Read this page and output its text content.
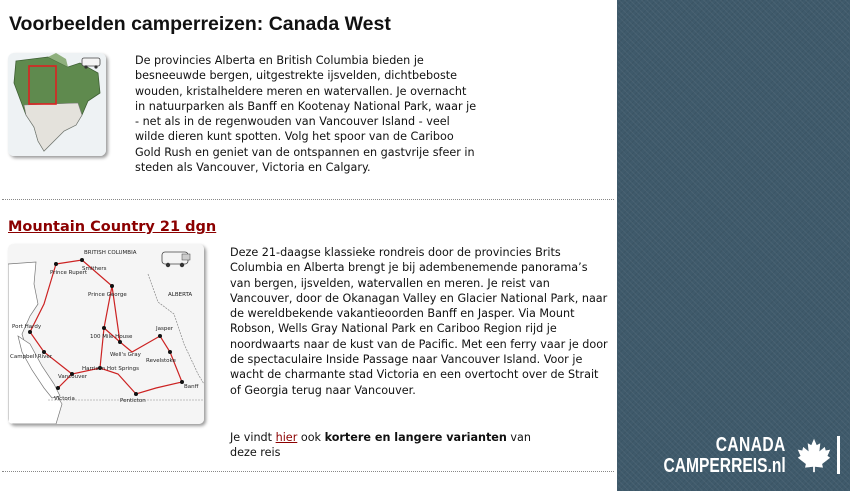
Voorbeelden camperreizen: Canada West

De provincies Alberta en British Columbia bieden je besneeuwde bergen, uitgestrekte ijsvelden, dichtbeboste wouden, kristalheldere meren en watervallen. Je overnacht in natuurparken als Banff en Kootenay National Park, waar je - net als in de regenwouden van Vancouver Island - veel wilde dieren kunt spotten. Volg het spoor van de Cariboo Gold Rush en geniet van de ontspannen en gastvrije sfeer in steden als Vancouver, Victoria en Calgary.

Mountain Country 21 dgn
BRITISH COLUMBIA
ALBERTA
Prince Rupert
Smithers
Prince George
Jasper
Port Hardy
100 Mile House
Well's Gray
Campbell River
Harrison Hot Springs
Revelstoke
Vancouver
Banff
Victoria	Penticton

Deze 21-daagse klassieke rondreis door de provincies Brits Columbia en Alberta brengt je bij adembenemende panorama’s van bergen, ijsvelden, watervallen en meren. Je reist van Vancouver, door de Okanagan Valley en Glacier National Park, naar de wereldbekende vakantieoorden Banff en Jasper. Via Mount Robson, Wells Gray National Park en Cariboo Region rijd je noordwaarts naar de kust van de Pacific. Met een ferry vaar je door de spectaculaire Inside Passage naar Vancouver Island. Voor je wacht de charmante stad Victoria en een overtocht over de Strait of Georgia terug naar Vancouver.

Je vindt hier ook kortere en langere varianten van deze reis	CANADA
CAMPERREIS.nl
